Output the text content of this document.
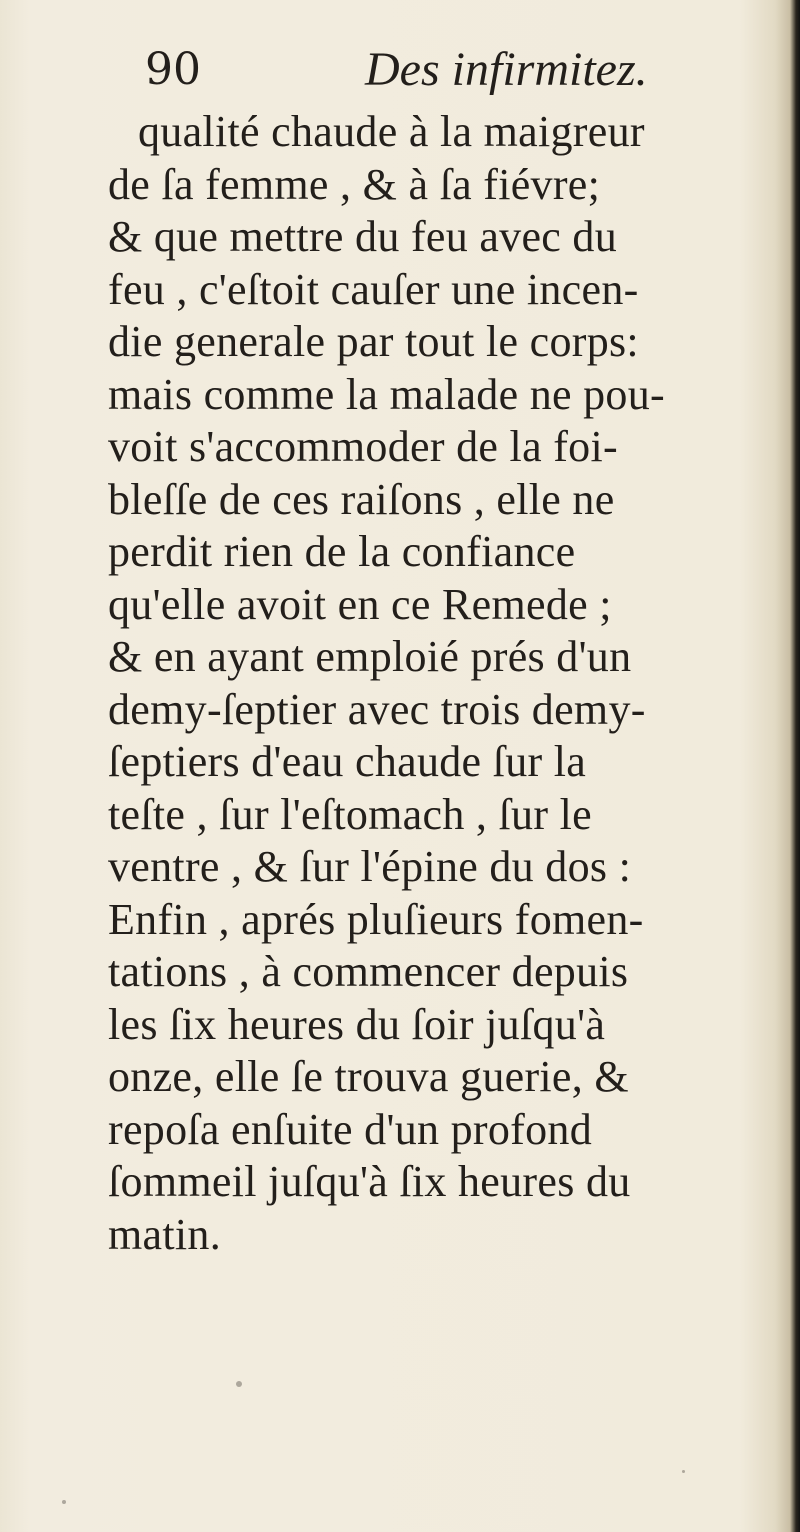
90	Des infirmitez.
qualité chaude à la maigreur
de ſa femme , & à ſa fiévre;
& que mettre du feu avec du
feu , c'eſtoit cauſer une incen-
die generale par tout le corps:
mais comme la malade ne pou-
voit s'accommoder de la foi-
bleſſe de ces raiſons , elle ne
perdit rien de la confiance
qu'elle avoit en ce Remede ;
& en ayant emploié prés d'un
demy-ſeptier avec trois demy-
ſeptiers d'eau chaude ſur la
teſte , ſur l'eſtomach , ſur le
ventre , & ſur l'épine du dos :
Enfin , aprés pluſieurs fomen-
tations , à commencer depuis
les ſix heures du ſoir juſqu'à
onze, elle ſe trouva guerie, &
repoſa enſuite d'un profond
ſommeil juſqu'à ſix heures du
matin.
